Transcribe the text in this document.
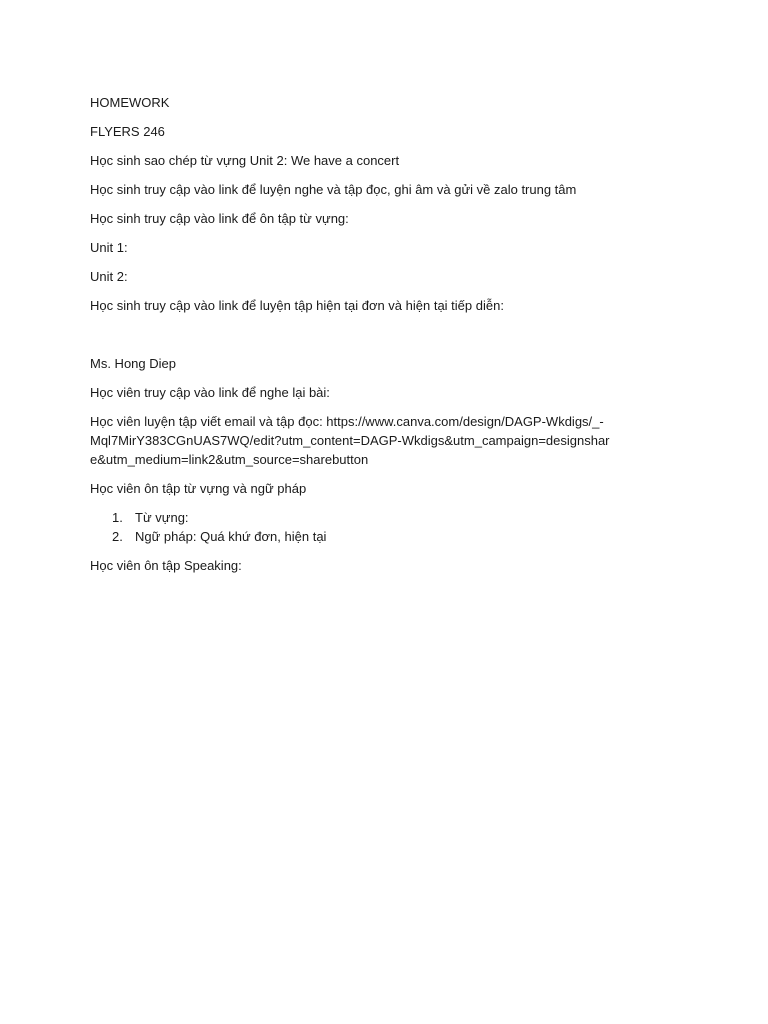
HOMEWORK

FLYERS 246

Học sinh sao chép từ vựng Unit 2: We have a concert

Học sinh truy cập vào link để luyện nghe và tập đọc, ghi âm và gửi về zalo trung tâm

Học sinh truy cập vào link để ôn tập từ vựng:

Unit 1:

Unit 2:

Học sinh truy cập vào link để luyện tập hiện tại đơn và hiện tại tiếp diễn:

Ms. Hong Diep

Học viên truy cập vào link để nghe lại bài:

Học viên luyện tập viết email và tập đọc: https://www.canva.com/design/DAGP-Wkdigs/_-Mql7MirY383CGnUAS7WQ/edit?utm_content=DAGP-Wkdigs&utm_campaign=designshare&utm_medium=link2&utm_source=sharebutton

Học viên ôn tập từ vựng và ngữ pháp

1. Từ vựng:
2. Ngữ pháp: Quá khứ đơn, hiện tại

Học viên ôn tập Speaking:
